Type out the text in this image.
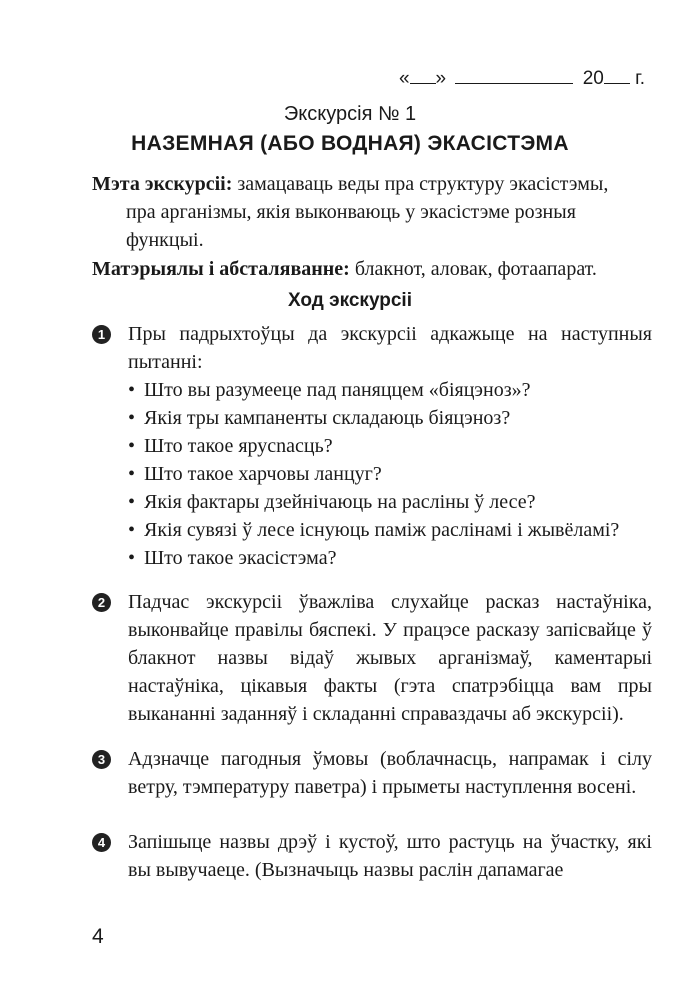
« »	20 г.
Экскурсія № 1
НАЗЕМНАЯ (АБО ВОДНАЯ) ЭКАСІСТЭМА
Мэта экскурсіі: замацаваць веды пра структуру экасістэмы,
пра арганізмы, якія выконваюць у экасістэме розныя функцыі.
Матэрыялы і абсталяванне: блакнот, аловак, фотаапарат.
Ход экскурсіі
1	Пры падрыхтоўцы да экскурсіі адкажыце на наступныя пытанні:
• Што вы разумееце пад паняццем «біяцэноз»?
• Якія тры кампаненты складаюць біяцэноз?
• Што такое ярусnасць?
• Што такое харчовы ланцуг?
• Якія фактары дзейнічаюць на расліны ў лесе?
• Якія сувязі ў лесе існуюць паміж раслінамі і жывёламі?
• Што такое экасістэма?
2	Падчас экскурсіі ўважліва слухайце расказ настаўніка, выконвайце правілы бяспекі. У працэсе расказу запісвайце ў блакнот назвы відаў жывых арганізмаў, каментарыі настаўніка, цікавыя факты (гэта спатрэбіцца вам пры выкананні заданняў і складанні справаздачы аб экскурсіі).
3	Адзначце пагодныя ўмовы (воблачнасць, напрамак і сілу ветру, тэмпературу паветра) і прыметы наступлення восені.
4	Запішыце назвы дрэў і кустоў, што растуць на ўчастку, які вы вывучаеце. (Вызначыць назвы раслін дапамагае
4
